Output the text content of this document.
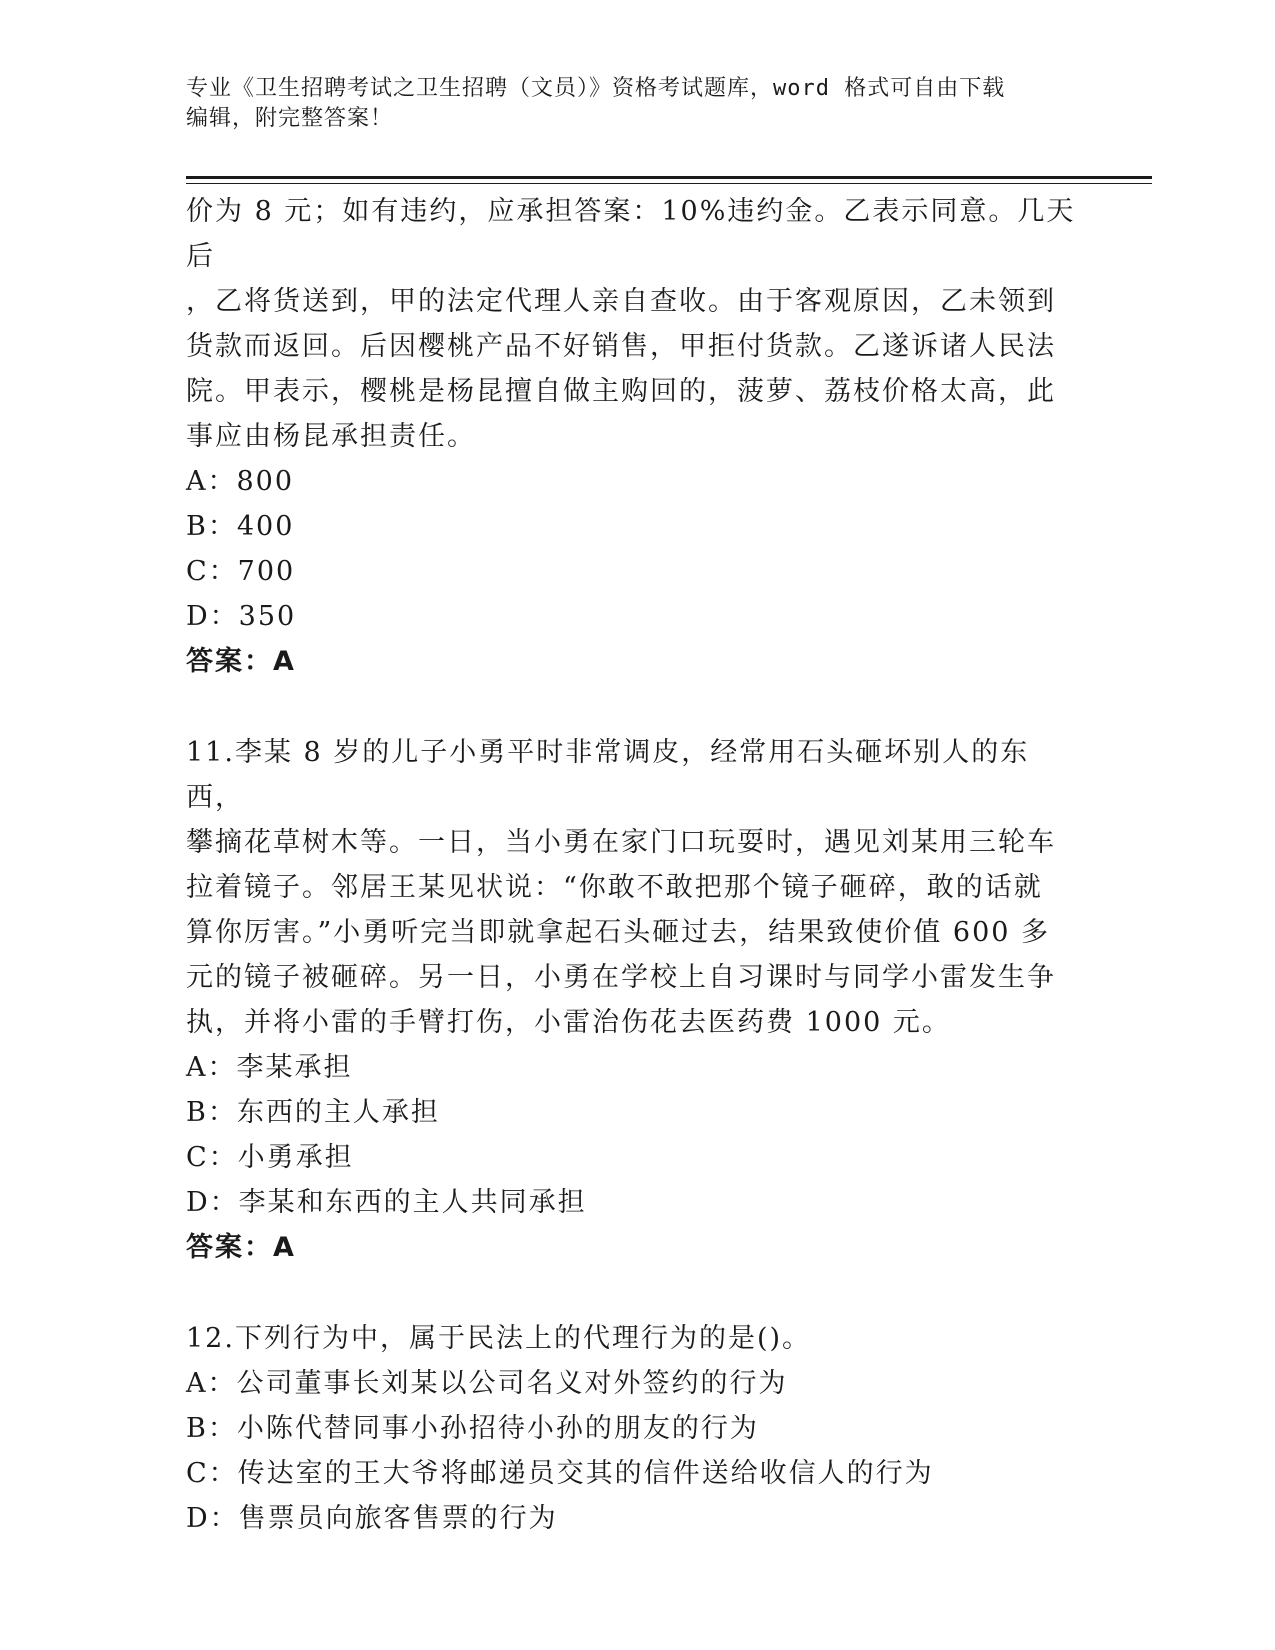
专业《卫生招聘考试之卫生招聘（文员）》资格考试题库，word 格式可自由下载
编辑，附完整答案！
价为 8 元；如有违约，应承担答案：10%违约金。乙表示同意。几天后
，乙将货送到，甲的法定代理人亲自查收。由于客观原因，乙未领到
货款而返回。后因樱桃产品不好销售，甲拒付货款。乙遂诉诸人民法
院。甲表示，樱桃是杨昆擅自做主购回的，菠萝、荔枝价格太高，此
事应由杨昆承担责任。
A：800
B：400
C：700
D：350
答案：A
11.李某 8 岁的儿子小勇平时非常调皮，经常用石头砸坏别人的东西，
攀摘花草树木等。一日，当小勇在家门口玩耍时，遇见刘某用三轮车
拉着镜子。邻居王某见状说：“你敢不敢把那个镜子砸碎，敢的话就
算你厉害。”小勇听完当即就拿起石头砸过去，结果致使价值 600 多
元的镜子被砸碎。另一日，小勇在学校上自习课时与同学小雷发生争
执，并将小雷的手臂打伤，小雷治伤花去医药费 1000 元。
A：李某承担
B：东西的主人承担
C：小勇承担
D：李某和东西的主人共同承担
答案：A
12.下列行为中，属于民法上的代理行为的是()。
A：公司董事长刘某以公司名义对外签约的行为
B：小陈代替同事小孙招待小孙的朋友的行为
C：传达室的王大爷将邮递员交其的信件送给收信人的行为
D：售票员向旅客售票的行为
